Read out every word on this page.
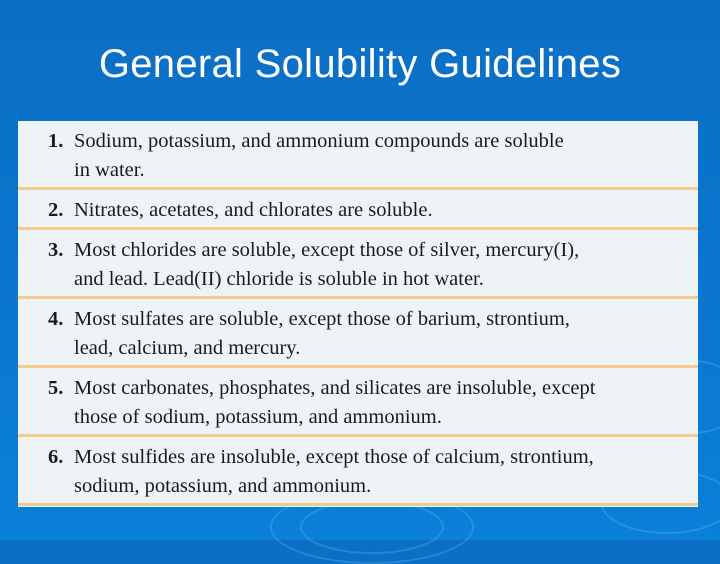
General Solubility Guidelines
1. Sodium, potassium, and ammonium compounds are soluble
in water.
2. Nitrates, acetates, and chlorates are soluble.
3. Most chlorides are soluble, except those of silver, mercury(I),
and lead. Lead(II) chloride is soluble in hot water.
4. Most sulfates are soluble, except those of barium, strontium,
lead, calcium, and mercury.
5. Most carbonates, phosphates, and silicates are insoluble, except
those of sodium, potassium, and ammonium.
6. Most sulfides are insoluble, except those of calcium, strontium,
sodium, potassium, and ammonium.
